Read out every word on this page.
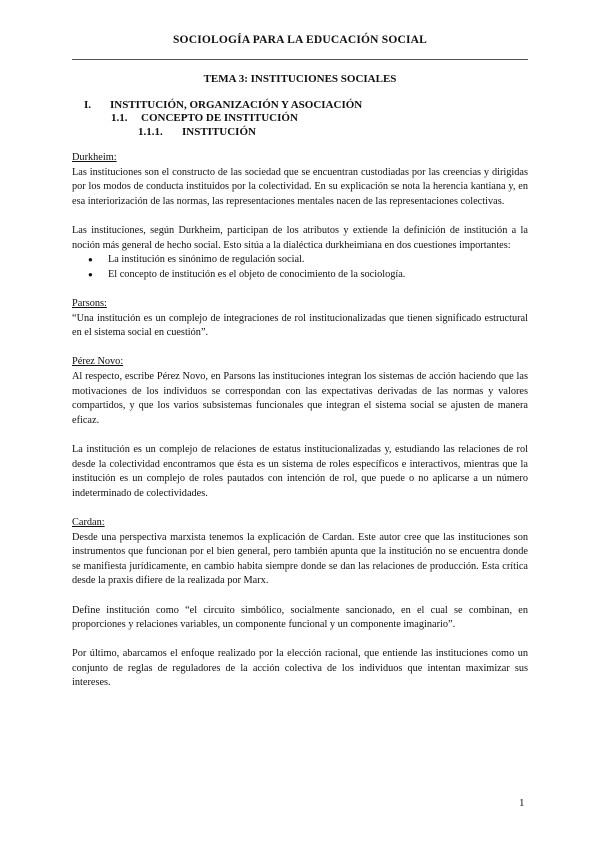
SOCIOLOGÍA PARA LA EDUCACIÓN SOCIAL
TEMA 3: INSTITUCIONES SOCIALES
I.	INSTITUCIÓN, ORGANIZACIÓN Y ASOCIACIÓN
1.1.	CONCEPTO DE INSTITUCIÓN
1.1.1.	INSTITUCIÓN

Durkheim:

Las instituciones son el constructo de las sociedad que se encuentran custodiadas por las creencias y dirigidas por los modos de conducta instituidos por la colectividad. En su explicación se nota la herencia kantiana y, en esa interiorización de las normas, las representaciones mentales nacen de las representaciones colectivas.

Las instituciones, según Durkheim, participan de los atributos y extiende la definición de institución a la noción más general de hecho social. Esto sitúa a la dialéctica durkheimiana en dos cuestiones importantes:

●	La institución es sinónimo de regulación social.
●	El concepto de institución es el objeto de conocimiento de la sociología.

Parsons:

“Una institución es un complejo de integraciones de rol institucionalizadas que tienen significado estructural en el sistema social en cuestión”.

Pérez Novo:

Al respecto, escribe Pérez Novo, en Parsons las instituciones integran los sistemas de acción haciendo que las motivaciones de los individuos se correspondan con las expectativas derivadas de las normas y valores compartidos, y que los varios subsistemas funcionales que integran el sistema social se ajusten de manera eficaz.

La institución es un complejo de relaciones de estatus institucionalizadas y, estudiando las relaciones de rol desde la colectividad encontramos que ésta es un sistema de roles específicos e interactivos, mientras que la institución es un complejo de roles pautados con intención de rol, que puede o no aplicarse a un número indeterminado de colectividades.

Cardan:

Desde una perspectiva marxista tenemos la explicación de Cardan. Este autor cree que las instituciones son instrumentos que funcionan por el bien general, pero también apunta que la institución no se encuentra donde se manifiesta jurídicamente, en cambio habita siempre donde se dan las relaciones de producción. Esta crítica desde la praxis difiere de la realizada por Marx.

Define institución como “el circuito simbólico, socialmente sancionado, en el cual se combinan, en proporciones y relaciones variables, un componente funcional y un componente imaginario”.

Por último, abarcamos el enfoque realizado por la elección racional, que entiende las instituciones como un conjunto de reglas de reguladores de la acción colectiva de los individuos que intentan maximizar sus intereses.

1
